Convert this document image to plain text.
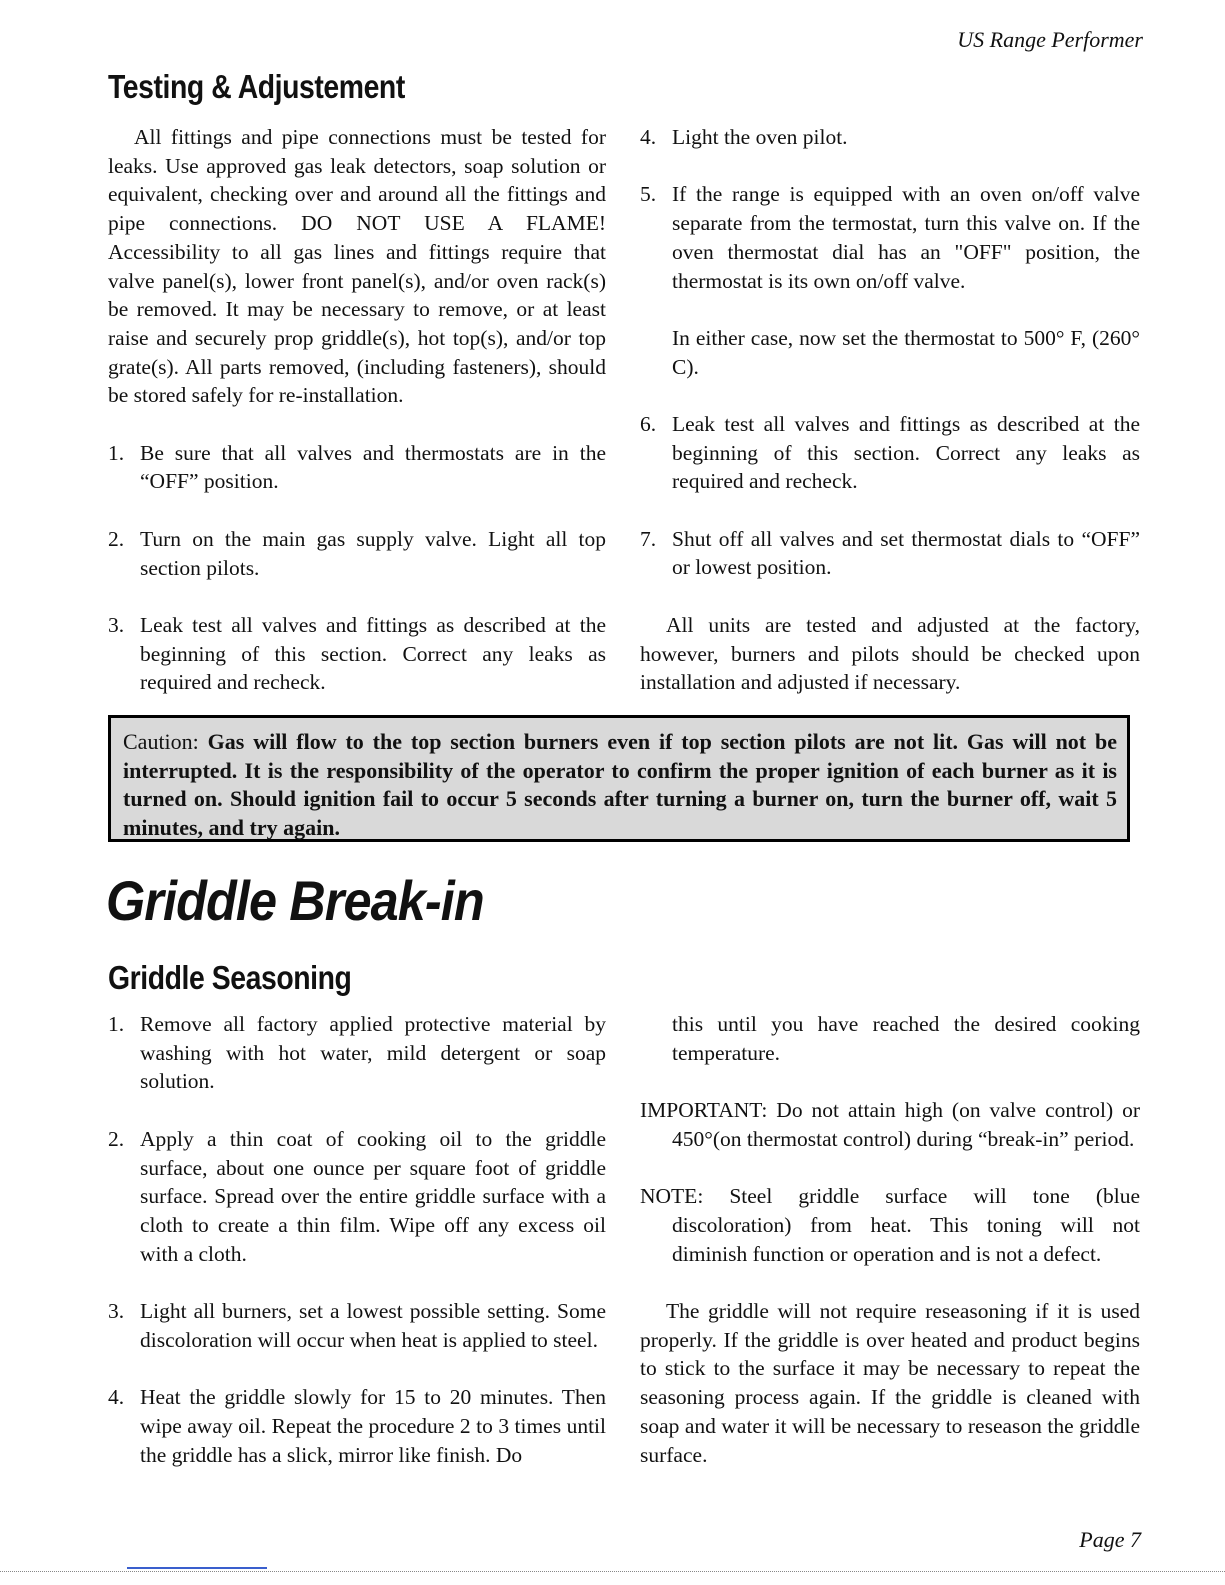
US Range Performer
Testing & Adjustement

All fittings and pipe connections must be tested for leaks. Use approved gas leak detectors, soap solution or equivalent, checking over and around all the fittings and pipe connections. DO NOT USE A FLAME! Accessibility to all gas lines and fittings require that valve panel(s), lower front panel(s), and/or oven rack(s) be removed. It may be necessary to remove, or at least raise and securely prop griddle(s), hot top(s), and/or top grate(s). All parts removed, (including fasteners), should be stored safely for re-installation.

1. Be sure that all valves and thermostats are in the “OFF” position.
2. Turn on the main gas supply valve. Light all top section pilots.
3. Leak test all valves and fittings as described at the beginning of this section. Correct any leaks as required and recheck.
4. Light the oven pilot.
5. If the range is equipped with an oven on/off valve separate from the termostat, turn this valve on. If the oven thermostat dial has an "OFF" position, the thermostat is its own on/off valve.
In either case, now set the thermostat to 500° F, (260° C).
6. Leak test all valves and fittings as described at the beginning of this section. Correct any leaks as required and recheck.
7. Shut off all valves and set thermostat dials to “OFF” or lowest position.

All units are tested and adjusted at the factory, however, burners and pilots should be checked upon installation and adjusted if necessary.

Caution: Gas will flow to the top section burners even if top section pilots are not lit. Gas will not be interrupted. It is the responsibility of the operator to confirm the proper ignition of each burner as it is turned on. Should ignition fail to occur 5 seconds after turning a burner on, turn the burner off, wait 5 minutes, and try again.
Griddle Break-in
Griddle Seasoning
1. Remove all factory applied protective material by washing with hot water, mild detergent or soap solution.
2. Apply a thin coat of cooking oil to the griddle surface, about one ounce per square foot of griddle surface. Spread over the entire griddle surface with a cloth to create a thin film. Wipe off any excess oil with a cloth.
3. Light all burners, set a lowest possible setting. Some discoloration will occur when heat is applied to steel.
4. Heat the griddle slowly for 15 to 20 minutes. Then wipe away oil. Repeat the procedure 2 to 3 times until the griddle has a slick, mirror like finish. Do

this until you have reached the desired cooking temperature.

IMPORTANT: Do not attain high (on valve control) or 450°(on thermostat control) during “break-in” period.

NOTE: Steel griddle surface will tone (blue discoloration) from heat. This toning will not diminish function or operation and is not a defect.

The griddle will not require reseasoning if it is used properly. If the griddle is over heated and product begins to stick to the surface it may be necessary to repeat the seasoning process again. If the griddle is cleaned with soap and water it will be necessary to reseason the griddle surface.

Page 7
